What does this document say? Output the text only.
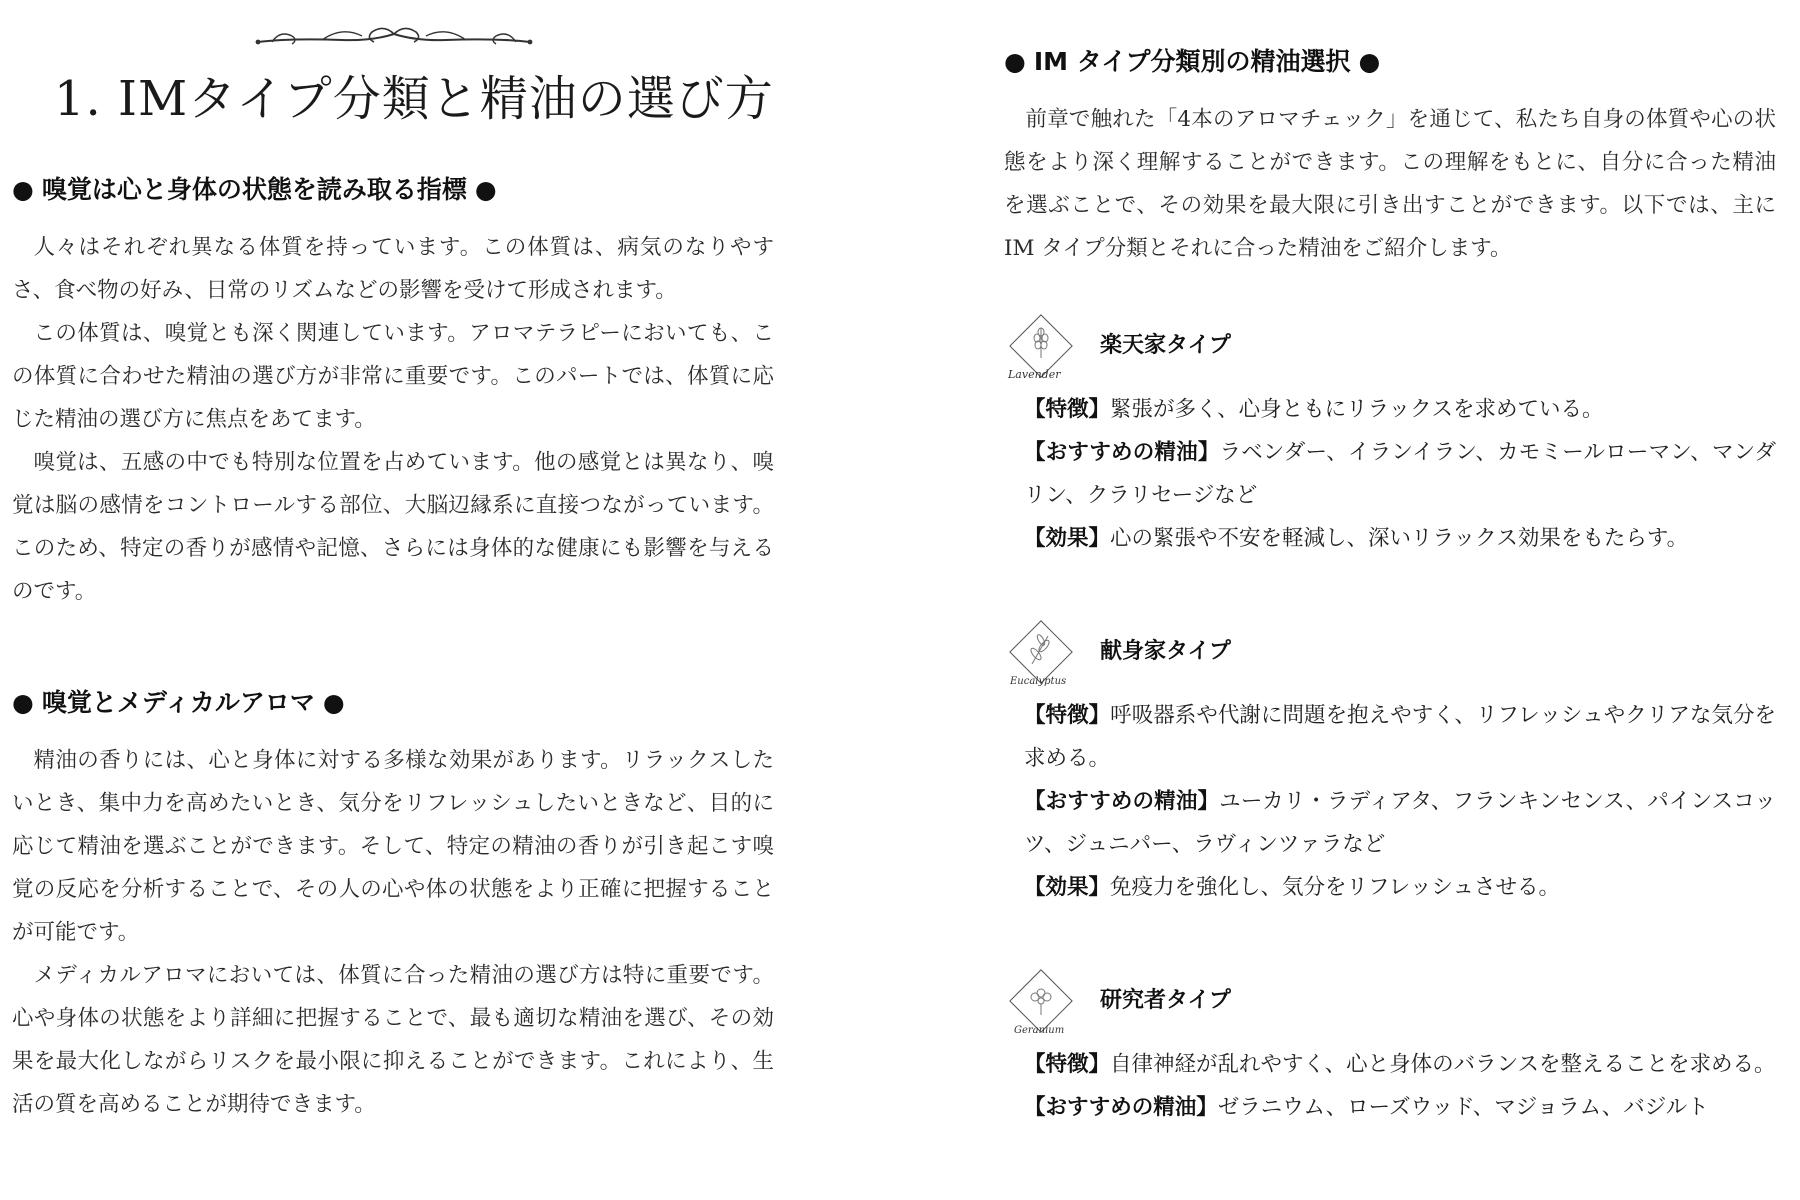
1. IMタイプ分類と精油の選び方
● 嗅覚は心と身体の状態を読み取る指標 ●

人々はそれぞれ異なる体質を持っています。この体質は、病気のなりやすさ、食べ物の好み、日常のリズムなどの影響を受けて形成されます。

この体質は、嗅覚とも深く関連しています。アロマテラピーにおいても、この体質に合わせた精油の選び方が非常に重要です。このパートでは、体質に応じた精油の選び方に焦点をあてます。

嗅覚は、五感の中でも特別な位置を占めています。他の感覚とは異なり、嗅覚は脳の感情をコントロールする部位、大脳辺縁系に直接つながっています。このため、特定の香りが感情や記憶、さらには身体的な健康にも影響を与えるのです。

● 嗅覚とメディカルアロマ ●

精油の香りには、心と身体に対する多様な効果があります。リラックスしたいとき、集中力を高めたいとき、気分をリフレッシュしたいときなど、目的に応じて精油を選ぶことができます。そして、特定の精油の香りが引き起こす嗅覚の反応を分析することで、その人の心や体の状態をより正確に把握することが可能です。

メディカルアロマにおいては、体質に合った精油の選び方は特に重要です。心や身体の状態をより詳細に把握することで、最も適切な精油を選び、その効果を最大化しながらリスクを最小限に抑えることができます。これにより、生活の質を高めることが期待できます。

● IM タイプ分類別の精油選択 ●

前章で触れた「4本のアロマチェック」を通じて、私たち自身の体質や心の状態をより深く理解することができます。この理解をもとに、自分に合った精油を選ぶことで、その効果を最大限に引き出すことができます。以下では、主に IM タイプ分類とそれに合った精油をご紹介します。

Lavender
楽天家タイプ

【特徴】緊張が多く、心身ともにリラックスを求めている。

【おすすめの精油】ラベンダー、イランイラン、カモミールローマン、マンダリン、クラリセージなど

【効果】心の緊張や不安を軽減し、深いリラックス効果をもたらす。

Eucalyptus
献身家タイプ

【特徴】呼吸器系や代謝に問題を抱えやすく、リフレッシュやクリアな気分を求める。

【おすすめの精油】ユーカリ・ラディアタ、フランキンセンス、パインスコッツ、ジュニパー、ラヴィンツァラなど

【効果】免疫力を強化し、気分をリフレッシュさせる。

Geranium
研究者タイプ

【特徴】自律神経が乱れやすく、心と身体のバランスを整えることを求める。

【おすすめの精油】ゼラニウム、ローズウッド、マジョラム、バジルト
